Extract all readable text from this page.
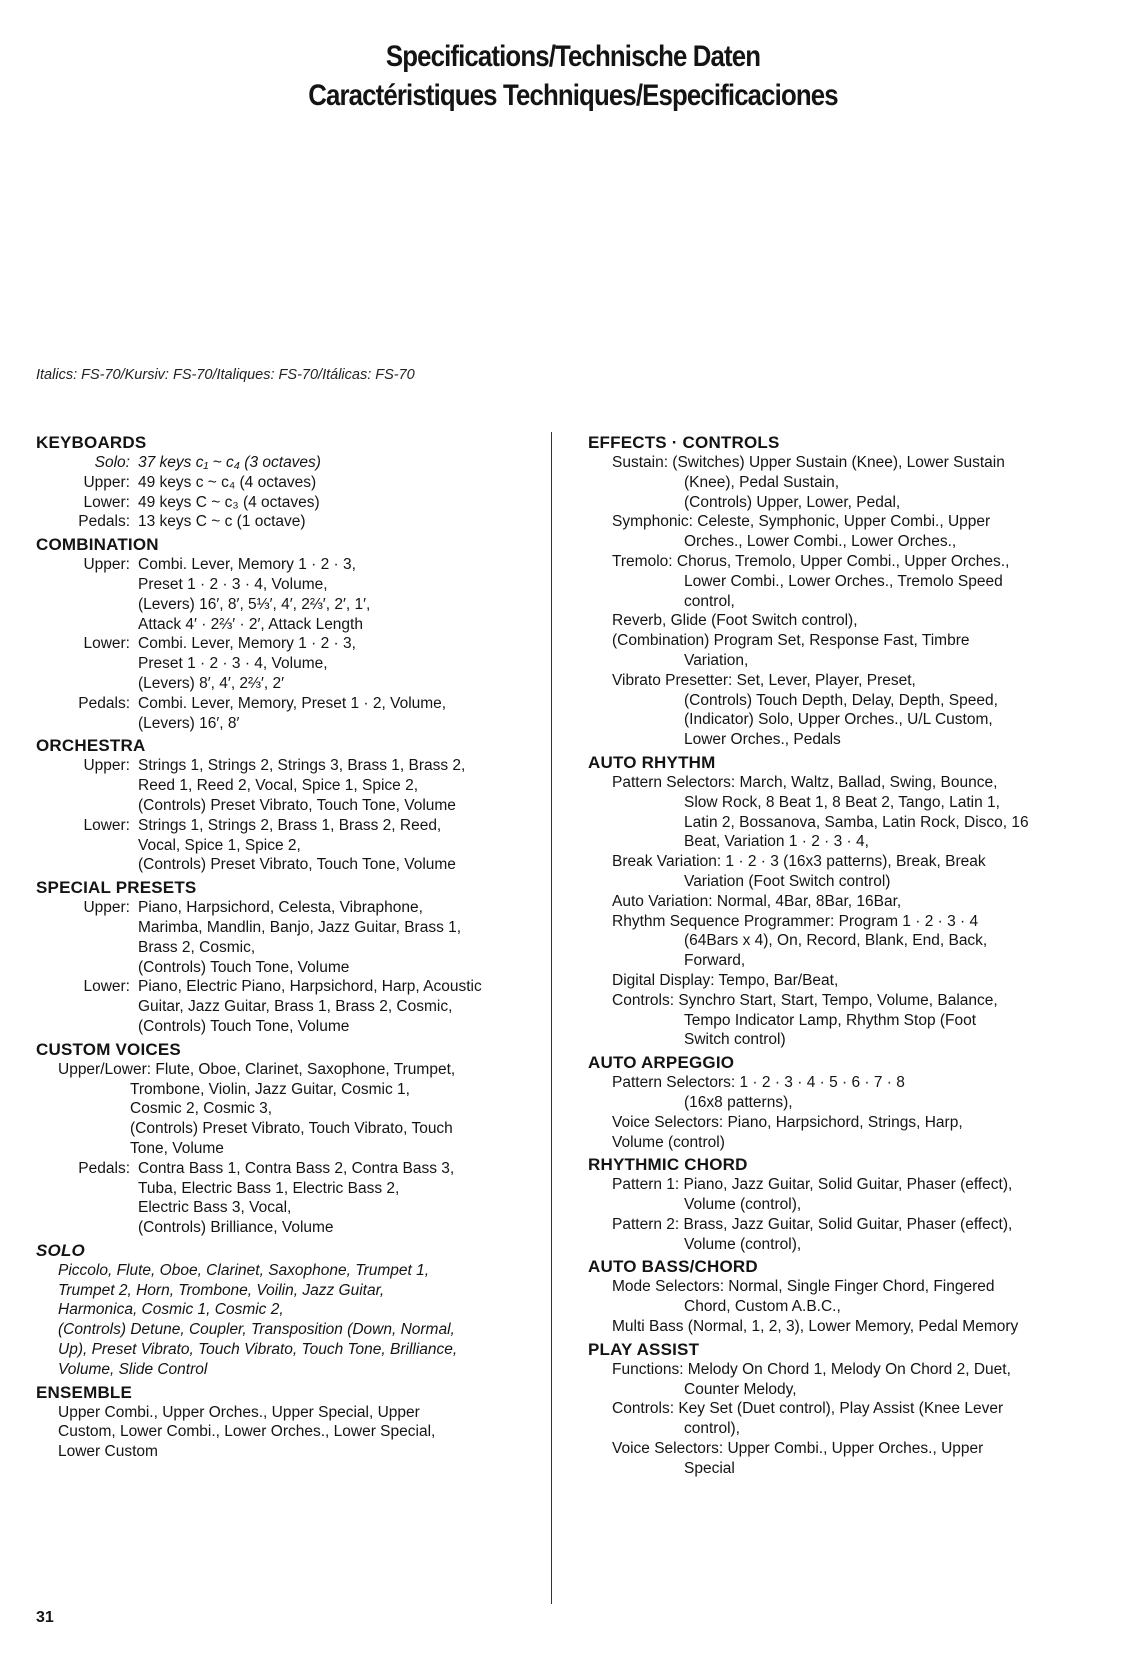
Specifications/Technische Daten
Caractéristiques Techniques/Especificaciones
Italics: FS-70/Kursiv: FS-70/Italiques: FS-70/Itálicas: FS-70
KEYBOARDS
Solo: 37 keys c₁ ~ c₄ (3 octaves)
Upper: 49 keys c ~ c₄ (4 octaves)
Lower: 49 keys C ~ c₃ (4 octaves)
Pedals: 13 keys C ~ c (1 octave)
COMBINATION
Upper: Combi. Lever, Memory 1 · 2 · 3,
Preset 1 · 2 · 3 · 4, Volume,
(Levers) 16′, 8′, 5⅓′, 4′, 2⅔′, 2′, 1′,
Attack 4′ · 2⅔′ · 2′, Attack Length
Lower: Combi. Lever, Memory 1 · 2 · 3,
Preset 1 · 2 · 3 · 4, Volume,
(Levers) 8′, 4′, 2⅔′, 2′
Pedals: Combi. Lever, Memory, Preset 1 · 2, Volume,
(Levers) 16′, 8′
ORCHESTRA
Upper: Strings 1, Strings 2, Strings 3, Brass 1, Brass 2,
Reed 1, Reed 2, Vocal, Spice 1, Spice 2,
(Controls) Preset Vibrato, Touch Tone, Volume
Lower: Strings 1, Strings 2, Brass 1, Brass 2, Reed,
Vocal, Spice 1, Spice 2,
(Controls) Preset Vibrato, Touch Tone, Volume
SPECIAL PRESETS
Upper: Piano, Harpsichord, Celesta, Vibraphone,
Marimba, Mandlin, Banjo, Jazz Guitar, Brass 1,
Brass 2, Cosmic,
(Controls) Touch Tone, Volume
Lower: Piano, Electric Piano, Harpsichord, Harp, Acoustic
Guitar, Jazz Guitar, Brass 1, Brass 2, Cosmic,
(Controls) Touch Tone, Volume
CUSTOM VOICES
Upper/Lower: Flute, Oboe, Clarinet, Saxophone, Trumpet,
Trombone, Violin, Jazz Guitar, Cosmic 1,
Cosmic 2, Cosmic 3,
(Controls) Preset Vibrato, Touch Vibrato, Touch
Tone, Volume
Pedals: Contra Bass 1, Contra Bass 2, Contra Bass 3,
Tuba, Electric Bass 1, Electric Bass 2,
Electric Bass 3, Vocal,
(Controls) Brilliance, Volume
SOLO
Piccolo, Flute, Oboe, Clarinet, Saxophone, Trumpet 1,
Trumpet 2, Horn, Trombone, Voilin, Jazz Guitar,
Harmonica, Cosmic 1, Cosmic 2,
(Controls) Detune, Coupler, Transposition (Down, Normal,
Up), Preset Vibrato, Touch Vibrato, Touch Tone, Brilliance,
Volume, Slide Control
ENSEMBLE
Upper Combi., Upper Orches., Upper Special, Upper
Custom, Lower Combi., Lower Orches., Lower Special,
Lower Custom
EFFECTS · CONTROLS
Sustain: (Switches) Upper Sustain (Knee), Lower Sustain
(Knee), Pedal Sustain,
(Controls) Upper, Lower, Pedal,
Symphonic: Celeste, Symphonic, Upper Combi., Upper
Orches., Lower Combi., Lower Orches.,
Tremolo: Chorus, Tremolo, Upper Combi., Upper Orches.,
Lower Combi., Lower Orches., Tremolo Speed
control,
Reverb, Glide (Foot Switch control),
(Combination) Program Set, Response Fast, Timbre
Variation,
Vibrato Presetter: Set, Lever, Player, Preset,
(Controls) Touch Depth, Delay, Depth, Speed,
(Indicator) Solo, Upper Orches., U/L Custom,
Lower Orches., Pedals
AUTO RHYTHM
Pattern Selectors: March, Waltz, Ballad, Swing, Bounce,
Slow Rock, 8 Beat 1, 8 Beat 2, Tango, Latin 1,
Latin 2, Bossanova, Samba, Latin Rock, Disco, 16
Beat, Variation 1 · 2 · 3 · 4,
Break Variation: 1 · 2 · 3 (16x3 patterns), Break, Break
Variation (Foot Switch control)
Auto Variation: Normal, 4Bar, 8Bar, 16Bar,
Rhythm Sequence Programmer: Program 1 · 2 · 3 · 4
(64Bars x 4), On, Record, Blank, End, Back,
Forward,
Digital Display: Tempo, Bar/Beat,
Controls: Synchro Start, Start, Tempo, Volume, Balance,
Tempo Indicator Lamp, Rhythm Stop (Foot
Switch control)
AUTO ARPEGGIO
Pattern Selectors: 1 · 2 · 3 · 4 · 5 · 6 · 7 · 8
(16x8 patterns),
Voice Selectors: Piano, Harpsichord, Strings, Harp,
Volume (control)
RHYTHMIC CHORD
Pattern 1: Piano, Jazz Guitar, Solid Guitar, Phaser (effect),
Volume (control),
Pattern 2: Brass, Jazz Guitar, Solid Guitar, Phaser (effect),
Volume (control),
AUTO BASS/CHORD
Mode Selectors: Normal, Single Finger Chord, Fingered
Chord, Custom A.B.C.,
Multi Bass (Normal, 1, 2, 3), Lower Memory, Pedal Memory
PLAY ASSIST
Functions: Melody On Chord 1, Melody On Chord 2, Duet,
Counter Melody,
Controls: Key Set (Duet control), Play Assist (Knee Lever
control),
Voice Selectors: Upper Combi., Upper Orches., Upper
Special
31
